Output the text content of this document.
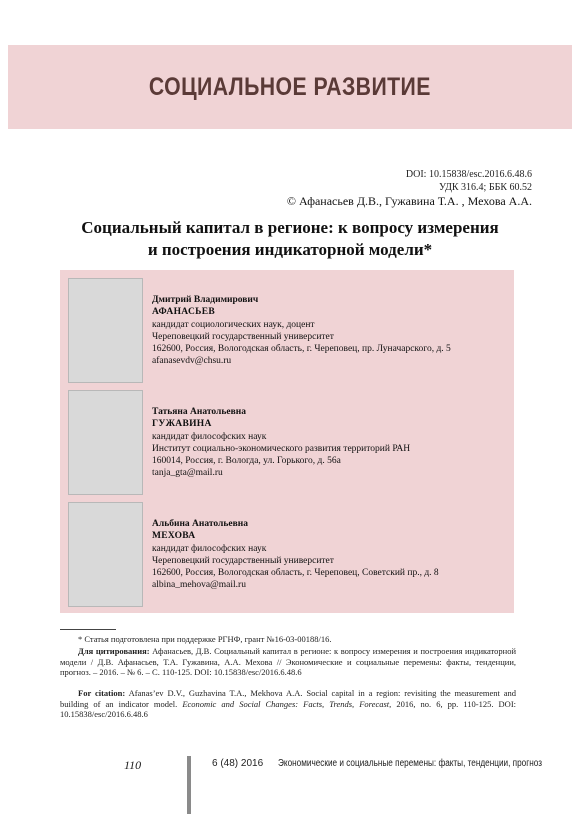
СОЦИАЛЬНОЕ РАЗВИТИЕ
DOI: 10.15838/esc.2016.6.48.6
УДК 316.4; ББК 60.52
© Афанасьев Д.В., Гужавина Т.А. , Мехова А.А.
Социальный капитал в регионе: к вопросу измерения
и построения индикаторной модели*
Дмитрий Владимирович
АФАНАСЬЕВ
кандидат социологических наук, доцент
Череповецкий государственный университет
162600, Россия, Вологодская область, г. Череповец, пр. Луначарского, д. 5
afanasevdv@chsu.ru
Татьяна Анатольевна
ГУЖАВИНА
кандидат философских наук
Институт социально-экономического развития территорий РАН
160014, Россия, г. Вологда, ул. Горького, д. 56а
tanja_gta@mail.ru
Альбина Анатольевна
МЕХОВА
кандидат философских наук
Череповецкий государственный университет
162600, Россия, Вологодская область, г. Череповец, Советский пр., д. 8
albina_mehova@mail.ru
* Статья подготовлена при поддержке РГНФ, грант №16-03-00188/16.
Для цитирования: Афанасьев, Д.В. Социальный капитал в регионе: к вопросу измерения и построения индикаторной модели / Д.В. Афанасьев, Т.А. Гужавина, А.А. Мехова // Экономические и социальные перемены: факты, тенденции, прогноз. – 2016. – № 6. – С. 110-125. DOI: 10.15838/esc/2016.6.48.6
For citation: Afanas’ev D.V., Guzhavina T.A., Mekhova A.A. Social capital in a region: revisiting the measurement and building of an indicator model. Economic and Social Changes: Facts, Trends, Forecast, 2016, no. 6, pp. 110-125. DOI: 10.15838/esc/2016.6.48.6
110	6 (48) 2016 Экономические и социальные перемены: факты, тенденции, прогноз
